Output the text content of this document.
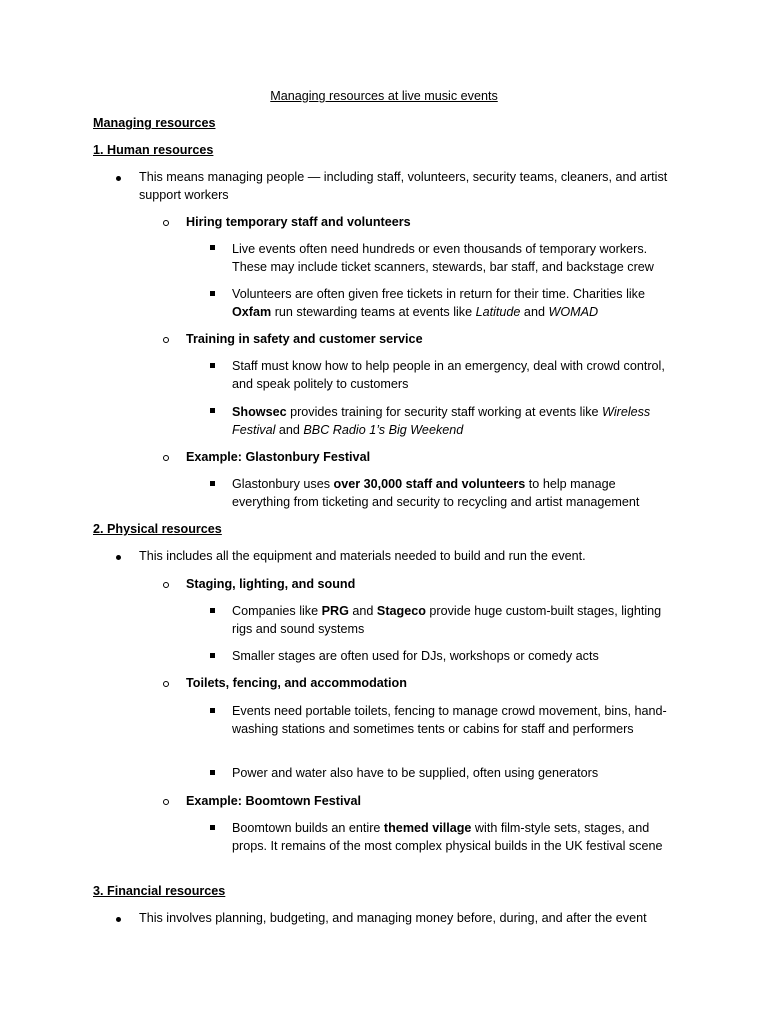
Managing resources at live music events
Managing resources
1. Human resources
This means managing people — including staff, volunteers, security teams, cleaners, and artist support workers
Hiring temporary staff and volunteers
Live events often need hundreds or even thousands of temporary workers. These may include ticket scanners, stewards, bar staff, and backstage crew
Volunteers are often given free tickets in return for their time. Charities like Oxfam run stewarding teams at events like Latitude and WOMAD
Training in safety and customer service
Staff must know how to help people in an emergency, deal with crowd control, and speak politely to customers
Showsec provides training for security staff working at events like Wireless Festival and BBC Radio 1’s Big Weekend
Example: Glastonbury Festival
Glastonbury uses over 30,000 staff and volunteers to help manage everything from ticketing and security to recycling and artist management
2. Physical resources
This includes all the equipment and materials needed to build and run the event.
Staging, lighting, and sound
Companies like PRG and Stageco provide huge custom-built stages, lighting rigs and sound systems
Smaller stages are often used for DJs, workshops or comedy acts
Toilets, fencing, and accommodation
Events need portable toilets, fencing to manage crowd movement, bins, hand-washing stations and sometimes tents or cabins for staff and performers
Power and water also have to be supplied, often using generators
Example: Boomtown Festival
Boomtown builds an entire themed village with film-style sets, stages, and props. It remains of the most complex physical builds in the UK festival scene
3. Financial resources
This involves planning, budgeting, and managing money before, during, and after the event
